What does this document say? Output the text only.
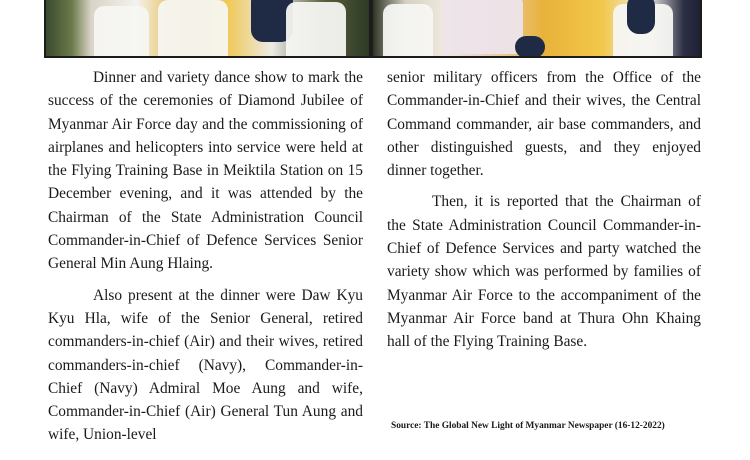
Dinner and variety dance show to mark the success of the ceremonies of Diamond Jubilee of Myanmar Air Force day and the commissioning of airplanes and helicopters into service were held at the Flying Training Base in Meiktila Station on 15 December evening, and it was attended by the Chairman of the State Administration Council Commander-in-Chief of Defence Services Senior General Min Aung Hlaing.

Also present at the dinner were Daw Kyu Kyu Hla, wife of the Senior General, retired commanders-in-chief (Air) and their wives, retired commanders-in-chief (Navy), Commander-in-Chief (Navy) Admiral Moe Aung and wife, Commander-in-Chief (Air) General Tun Aung and wife, Union-level

senior military officers from the Office of the Commander-in-Chief and their wives, the Central Command commander, air base commanders, and other distinguished guests, and they enjoyed dinner together.

Then, it is reported that the Chairman of the State Administration Council Commander-in-Chief of Defence Services and party watched the variety show which was performed by families of Myanmar Air Force to the accompaniment of the Myanmar Air Force band at Thura Ohn Khaing hall of the Flying Training Base.

Source: The Global New Light of Myanmar Newspaper (16-12-2022)
